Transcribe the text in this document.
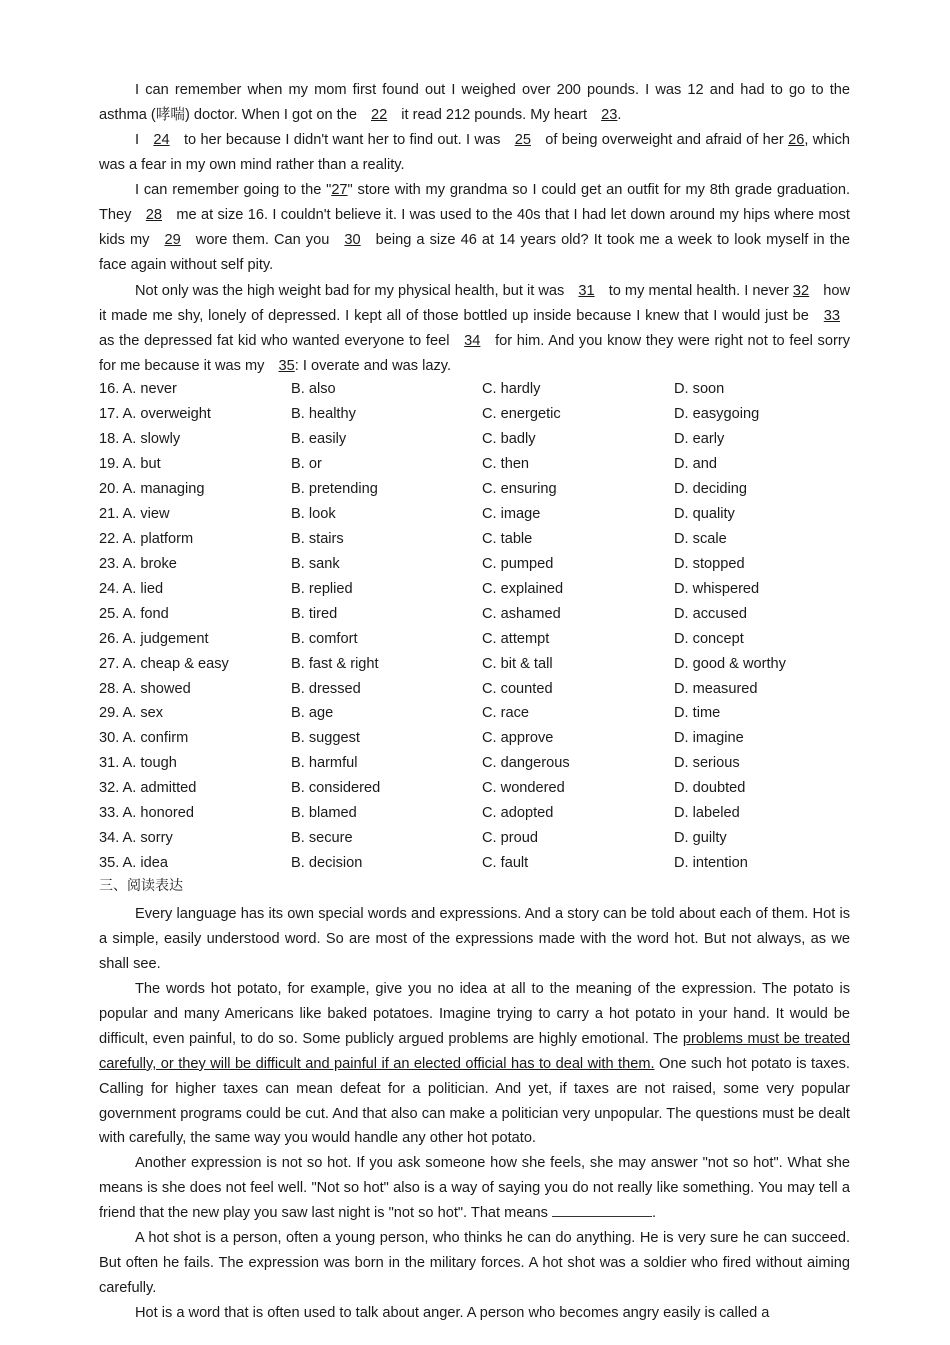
I can remember when my mom first found out I weighed over 200 pounds. I was 12 and had to go to the asthma (哮喘) doctor. When I got on the 22 it read 212 pounds. My heart 23.

I 24 to her because I didn't want her to find out. I was 25 of being overweight and afraid of her 26, which was a fear in my own mind rather than a reality.

I can remember going to the "27" store with my grandma so I could get an outfit for my 8th grade graduation. They 28 me at size 16. I couldn't believe it. I was used to the 40s that I had let down around my hips where most kids my 29 wore them. Can you 30 being a size 46 at 14 years old? It took me a week to look myself in the face again without self pity.

Not only was the high weight bad for my physical health, but it was 31 to my mental health. I never 32 how it made me shy, lonely of depressed. I kept all of those bottled up inside because I knew that I would just be 33 as the depressed fat kid who wanted everyone to feel 34 for him. And you know they were right not to feel sorry for me because it was my 35: I overate and was lazy.

16. A. never	B. also	C. hardly	D. soon
17. A. overweight	B. healthy	C. energetic	D. easygoing
18. A. slowly	B. easily	C. badly	D. early
19. A. but	B. or	C. then	D. and
20. A. managing	B. pretending	C. ensuring	D. deciding
21. A. view	B. look	C. image	D. quality
22. A. platform	B. stairs	C. table	D. scale
23. A. broke	B. sank	C. pumped	D. stopped
24. A. lied	B. replied	C. explained	D. whispered
25. A. fond	B. tired	C. ashamed	D. accused
26. A. judgement	B. comfort	C. attempt	D. concept
27. A. cheap & easy	B. fast & right	C. bit & tall	D. good & worthy
28. A. showed	B. dressed	C. counted	D. measured
29. A. sex	B. age	C. race	D. time
30. A. confirm	B. suggest	C. approve	D. imagine
31. A. tough	B. harmful	C. dangerous	D. serious
32. A. admitted	B. considered	C. wondered	D. doubted
33. A. honored	B. blamed	C. adopted	D. labeled
34. A. sorry	B. secure	C. proud	D. guilty
35. A. idea	B. decision	C. fault	D. intention
三、阅读表达

Every language has its own special words and expressions. And a story can be told about each of them. Hot is a simple, easily understood word. So are most of the expressions made with the word hot. But not always, as we shall see.

The words hot potato, for example, give you no idea at all to the meaning of the expression. The potato is popular and many Americans like baked potatoes. Imagine trying to carry a hot potato in your hand. It would be difficult, even painful, to do so. Some publicly argued problems are highly emotional. The problems must be treated carefully, or they will be difficult and painful if an elected official has to deal with them. One such hot potato is taxes. Calling for higher taxes can mean defeat for a politician. And yet, if taxes are not raised, some very popular government programs could be cut. And that also can make a politician very unpopular. The questions must be dealt with carefully, the same way you would handle any other hot potato.

Another expression is not so hot. If you ask someone how she feels, she may answer "not so hot". What she means is she does not feel well. "Not so hot" also is a way of saying you do not really like something. You may tell a friend that the new play you saw last night is "not so hot". That means	.

A hot shot is a person, often a young person, who thinks he can do anything. He is very sure he can succeed. But often he fails. The expression was born in the military forces. A hot shot was a soldier who fired without aiming carefully.

Hot is a word that is often used to talk about anger. A person who becomes angry easily is called a
